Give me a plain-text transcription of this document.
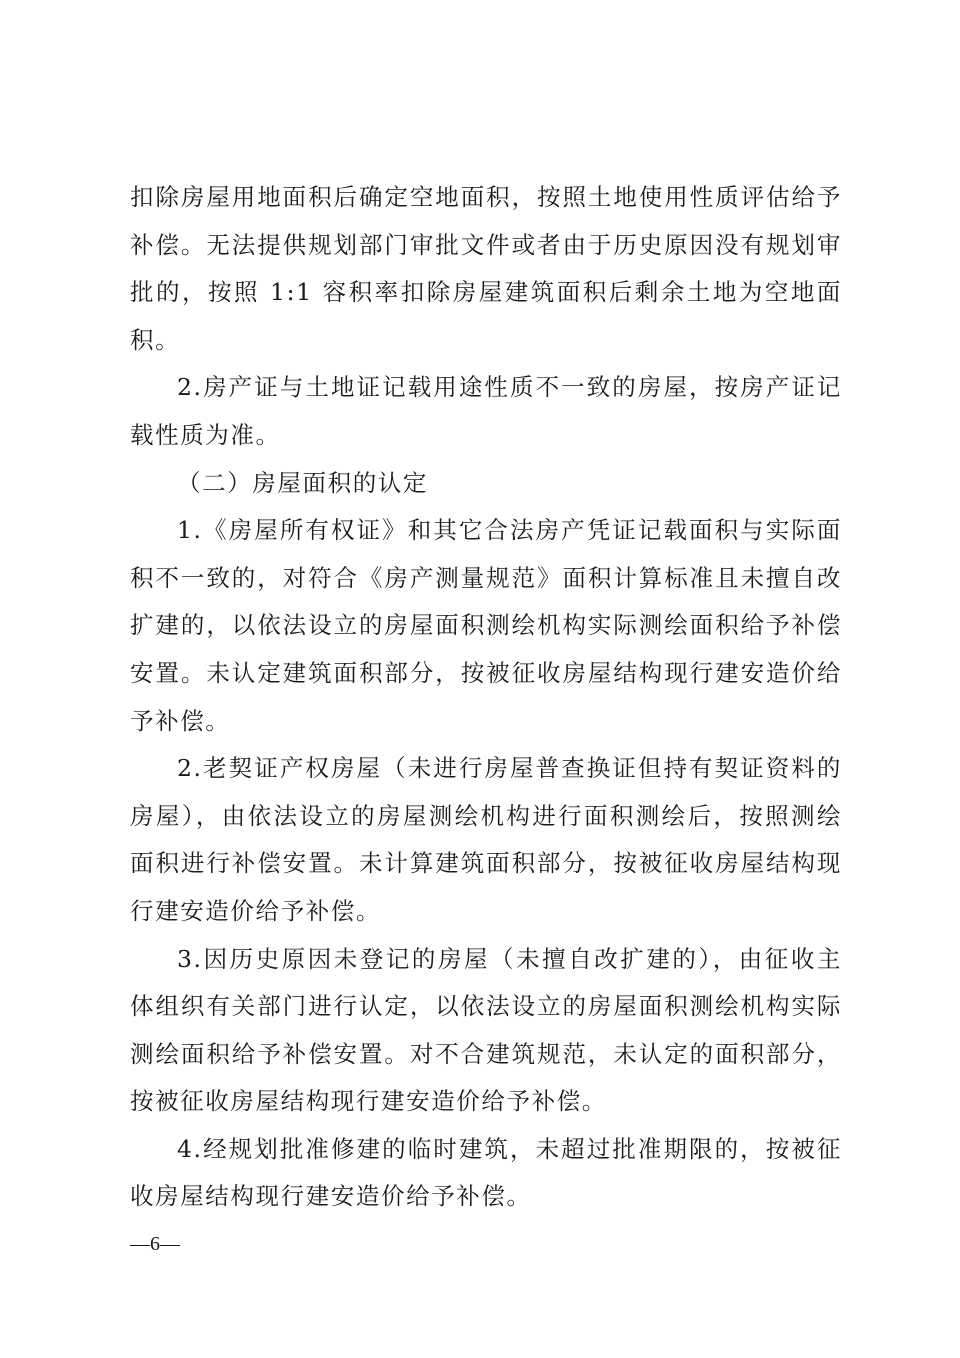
扣除房屋用地面积后确定空地面积，按照土地使用性质评估给予补偿。无法提供规划部门审批文件或者由于历史原因没有规划审批的，按照 1:1 容积率扣除房屋建筑面积后剩余土地为空地面积。

2.房产证与土地证记载用途性质不一致的房屋，按房产证记载性质为准。

（二）房屋面积的认定

1.《房屋所有权证》和其它合法房产凭证记载面积与实际面积不一致的，对符合《房产测量规范》面积计算标准且未擅自改扩建的，以依法设立的房屋面积测绘机构实际测绘面积给予补偿安置。未认定建筑面积部分，按被征收房屋结构现行建安造价给予补偿。

2.老契证产权房屋（未进行房屋普查换证但持有契证资料的房屋），由依法设立的房屋测绘机构进行面积测绘后，按照测绘面积进行补偿安置。未计算建筑面积部分，按被征收房屋结构现行建安造价给予补偿。

3.因历史原因未登记的房屋（未擅自改扩建的），由征收主体组织有关部门进行认定，以依法设立的房屋面积测绘机构实际测绘面积给予补偿安置。对不合建筑规范，未认定的面积部分，按被征收房屋结构现行建安造价给予补偿。

4.经规划批准修建的临时建筑，未超过批准期限的，按被征收房屋结构现行建安造价给予补偿。

—6—
